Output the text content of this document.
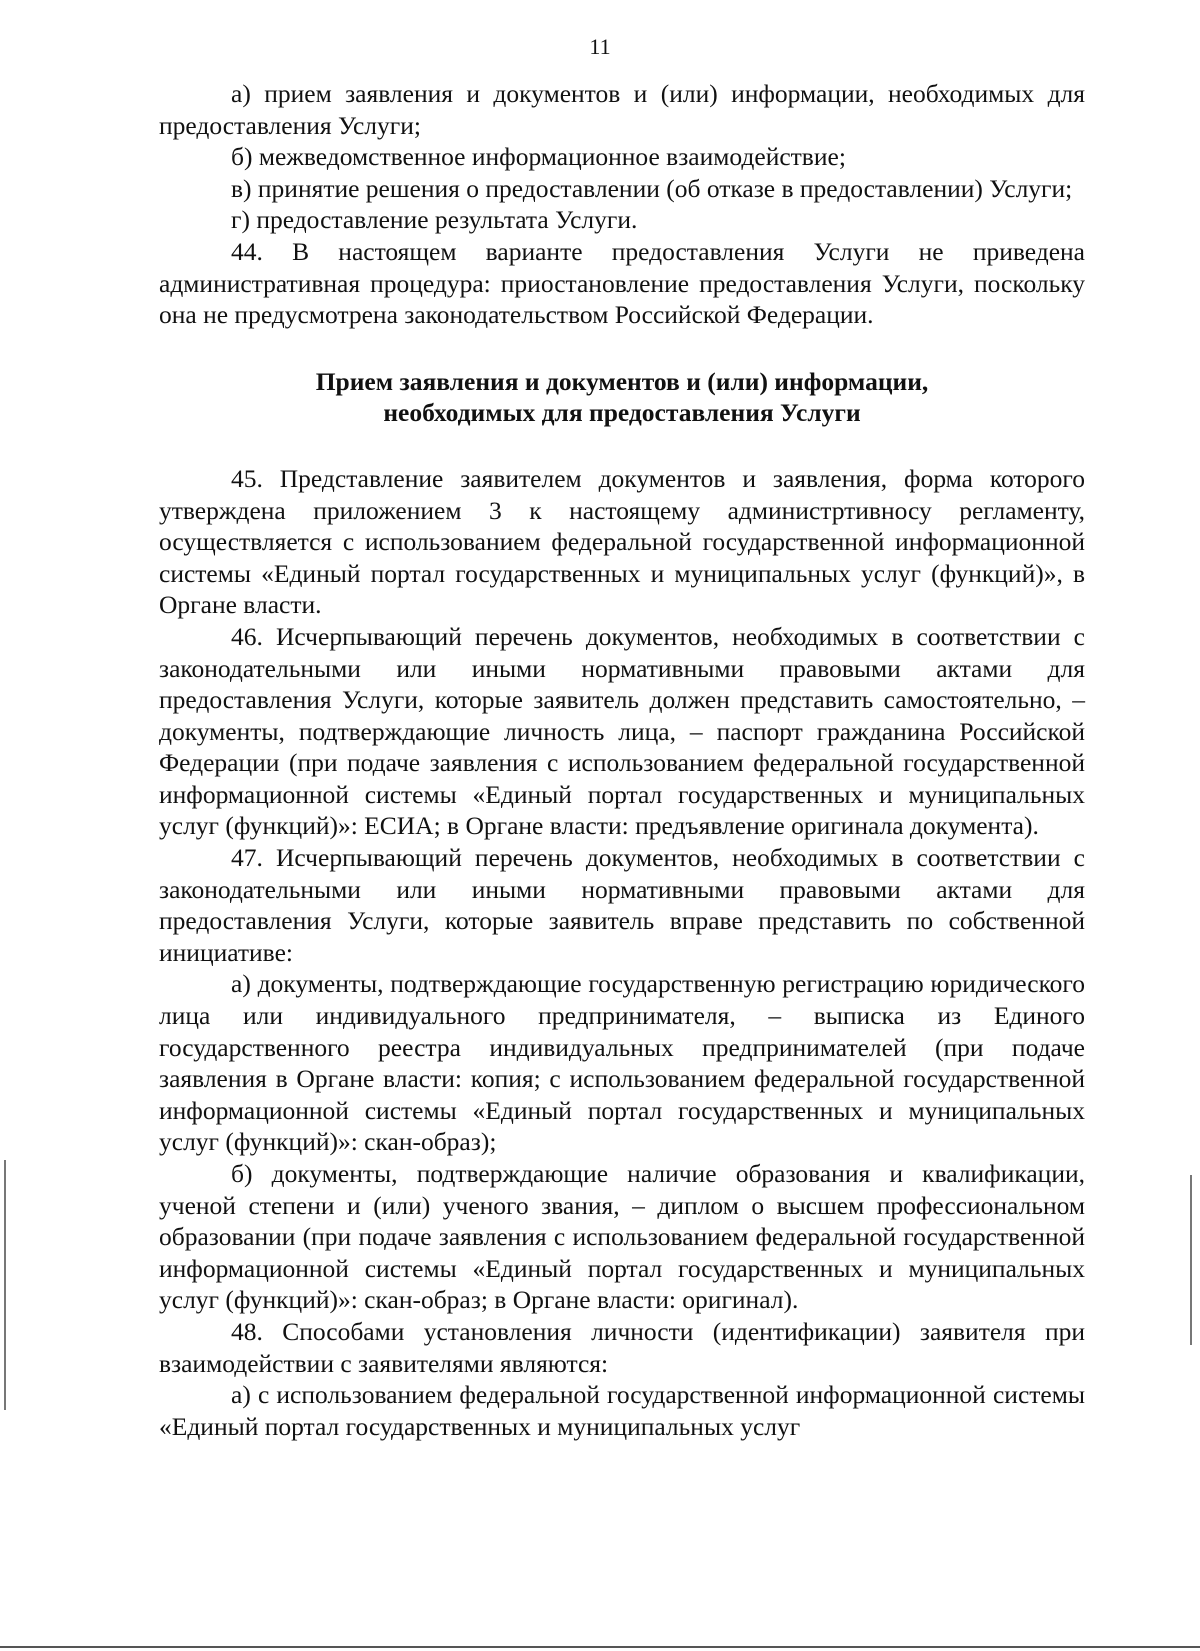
11

а) прием заявления и документов и (или) информации, необходимых для предоставления Услуги;

б) межведомственное информационное взаимодействие;

в) принятие решения о предоставлении (об отказе в предоставлении) Услуги;

г) предоставление результата Услуги.

44. В настоящем варианте предоставления Услуги не приведена административная процедура: приостановление предоставления Услуги, поскольку она не предусмотрена законодательством Российской Федерации.

Прием заявления и документов и (или) информации,
необходимых для предоставления Услуги

45. Представление заявителем документов и заявления, форма которого утверждена приложением 3 к настоящему администртивносу регламенту, осуществляется с использованием федеральной государственной информационной системы «Единый портал государственных и муниципальных услуг (функций)», в Органе власти.

46. Исчерпывающий перечень документов, необходимых в соответствии с законодательными или иными нормативными правовыми актами для предоставления Услуги, которые заявитель должен представить самостоятельно, – документы, подтверждающие личность лица, – паспорт гражданина Российской Федерации (при подаче заявления с использованием федеральной государственной информационной системы «Единый портал государственных и муниципальных услуг (функций)»: ЕСИА; в Органе власти: предъявление оригинала документа).

47. Исчерпывающий перечень документов, необходимых в соответствии с законодательными или иными нормативными правовыми актами для предоставления Услуги, которые заявитель вправе представить по собственной инициативе:

а) документы, подтверждающие государственную регистрацию юридического лица или индивидуального предпринимателя, – выписка из Единого государственного реестра индивидуальных предпринимателей (при подаче заявления в Органе власти: копия; с использованием федеральной государственной информационной системы «Единый портал государственных и муниципальных услуг (функций)»: скан-образ);

б) документы, подтверждающие наличие образования и квалификации, ученой степени и (или) ученого звания, – диплом о высшем профессиональном образовании (при подаче заявления с использованием федеральной государственной информационной системы «Единый портал государственных и муниципальных услуг (функций)»: скан-образ; в Органе власти: оригинал).

48. Способами установления личности (идентификации) заявителя при взаимодействии с заявителями являются:

а) с использованием федеральной государственной информационной системы «Единый портал государственных и муниципальных услуг
